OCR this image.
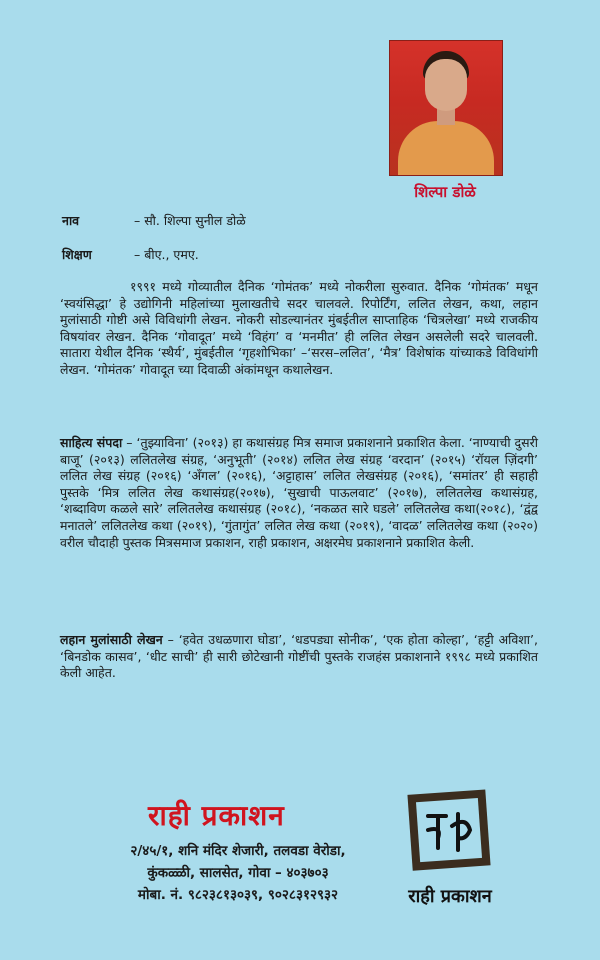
शिल्पा डोळे
नाव	– सौ. शिल्पा सुनील डोळे
शिक्षण	– बीए., एमए.
१९९१ मध्ये गोव्यातील दैनिक ‘गोमंतक’ मध्ये नोकरीला सुरुवात. दैनिक ‘गोमंतक’ मधून ‘स्वयंसिद्धा’ हे उद्योगिनी महिलांच्या मुलाखतीचे सदर चालवले. रिपोर्टिंग, ललित लेखन, कथा, लहान मुलांसाठी गोष्टी असे विविधांगी लेखन. नोकरी सोडल्यानंतर मुंबईतील साप्ताहिक ‘चित्रलेखा’ मध्ये राजकीय विषयांवर लेखन. दैनिक ‘गोवादूत’ मध्ये ‘विहंग’ व ‘मनमीत’ ही ललित लेखन असलेली सदरे चालवली. सातारा येथील दैनिक ‘स्थैर्य’, मुंबईतील ‘गृहशोभिका’ –‘सरस–ललित’, ‘मैत्र’ विशेषांक यांच्याकडे विविधांगी लेखन. ‘गोमंतक’ गोवादूत च्या दिवाळी अंकांमधून कथालेखन.
साहित्य संपदा – ‘तुझ्याविना’ (२०१३) हा कथासंग्रह मित्र समाज प्रकाशनाने प्रकाशित केला. ‘नाण्याची दुसरी बाजू’ (२०१३) ललितलेख संग्रह, ‘अनुभूती’ (२०१४) ललित लेख संग्रह ‘वरदान’ (२०१५) ‘रॉयल ज़िंदगी’ ललित लेख संग्रह (२०१६) ‘अँगल’ (२०१६), ‘अट्टाहास’ ललित लेखसंग्रह (२०१६), ‘समांतर’ ही सहाही पुस्तके ‘मित्र ललित लेख कथासंग्रह(२०१७), ‘सुखाची पाऊलवाट’ (२०१७), ललितलेख कथासंग्रह, ‘शब्दाविण कळले सारे’ ललितलेख कथासंग्रह (२०१८), ‘नकळत सारे घडले’ ललितलेख कथा(२०१८), ‘द्वंद्व मनातले’ ललितलेख कथा (२०१९), ‘गुंतागुंत’ ललित लेख कथा (२०१९), ‘वादळ’ ललितलेख कथा (२०२०) वरील चौदाही पुस्तक मित्रसमाज प्रकाशन, राही प्रकाशन, अक्षरमेघ प्रकाशनाने प्रकाशित केली.
लहान मुलांसाठी लेखन – ‘हवेत उधळणारा घोडा’, ‘धडपड्या सोनीक’, ‘एक होता कोल्हा’, ‘हट्टी अविशा’, ‘बिनडोक कासव’, ‘धीट साची’ ही सारी छोटेखानी गोष्टींची पुस्तके राजहंस प्रकाशनाने १९९८ मध्ये प्रकाशित केली आहेत.
राही प्रकाशन
२/४५/१, शनि मंदिर शेजारी, तलवडा वेरोडा,
कुंकळ्ळी, सालसेत, गोवा – ४०३७०३
मोबा. नं. ९८२३८१३०३९, ९०२८३१२९३२	राही प्रकाशन
